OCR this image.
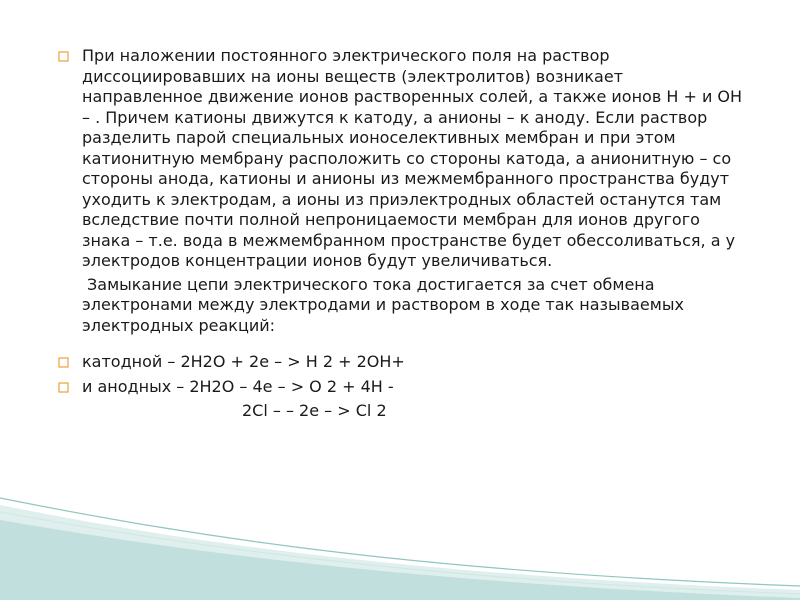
При наложении постоянного электрического поля на раствор диссоциировавших на ионы веществ (электролитов) возникает направленное движение ионов растворенных солей, а также ионов Н + и ОН – . Причем катионы движутся к катоду, а анионы – к аноду. Если раствор разделить парой специальных ионоселективных мембран и при этом катионитную мембрану расположить со стороны катода, а анионитную – со стороны анода, катионы и анионы из межмембранного пространства будут уходить к электродам, а ионы из приэлектродных областей останутся там вследствие почти полной непроницаемости мембран для ионов другого знака – т.е. вода в межмембранном пространстве будет обессоливаться, а у электродов концентрации ионов будут увеличиваться.

Замыкание цепи электрического тока достигается за счет обмена электронами между электродами и раствором в ходе так называемых электродных реакций:

катодной – 2Н2О + 2е – > Н 2 + 2ОН+

и анодных – 2Н2О – 4е – > О 2 + 4Н -

2Cl – – 2e – > Cl 2
